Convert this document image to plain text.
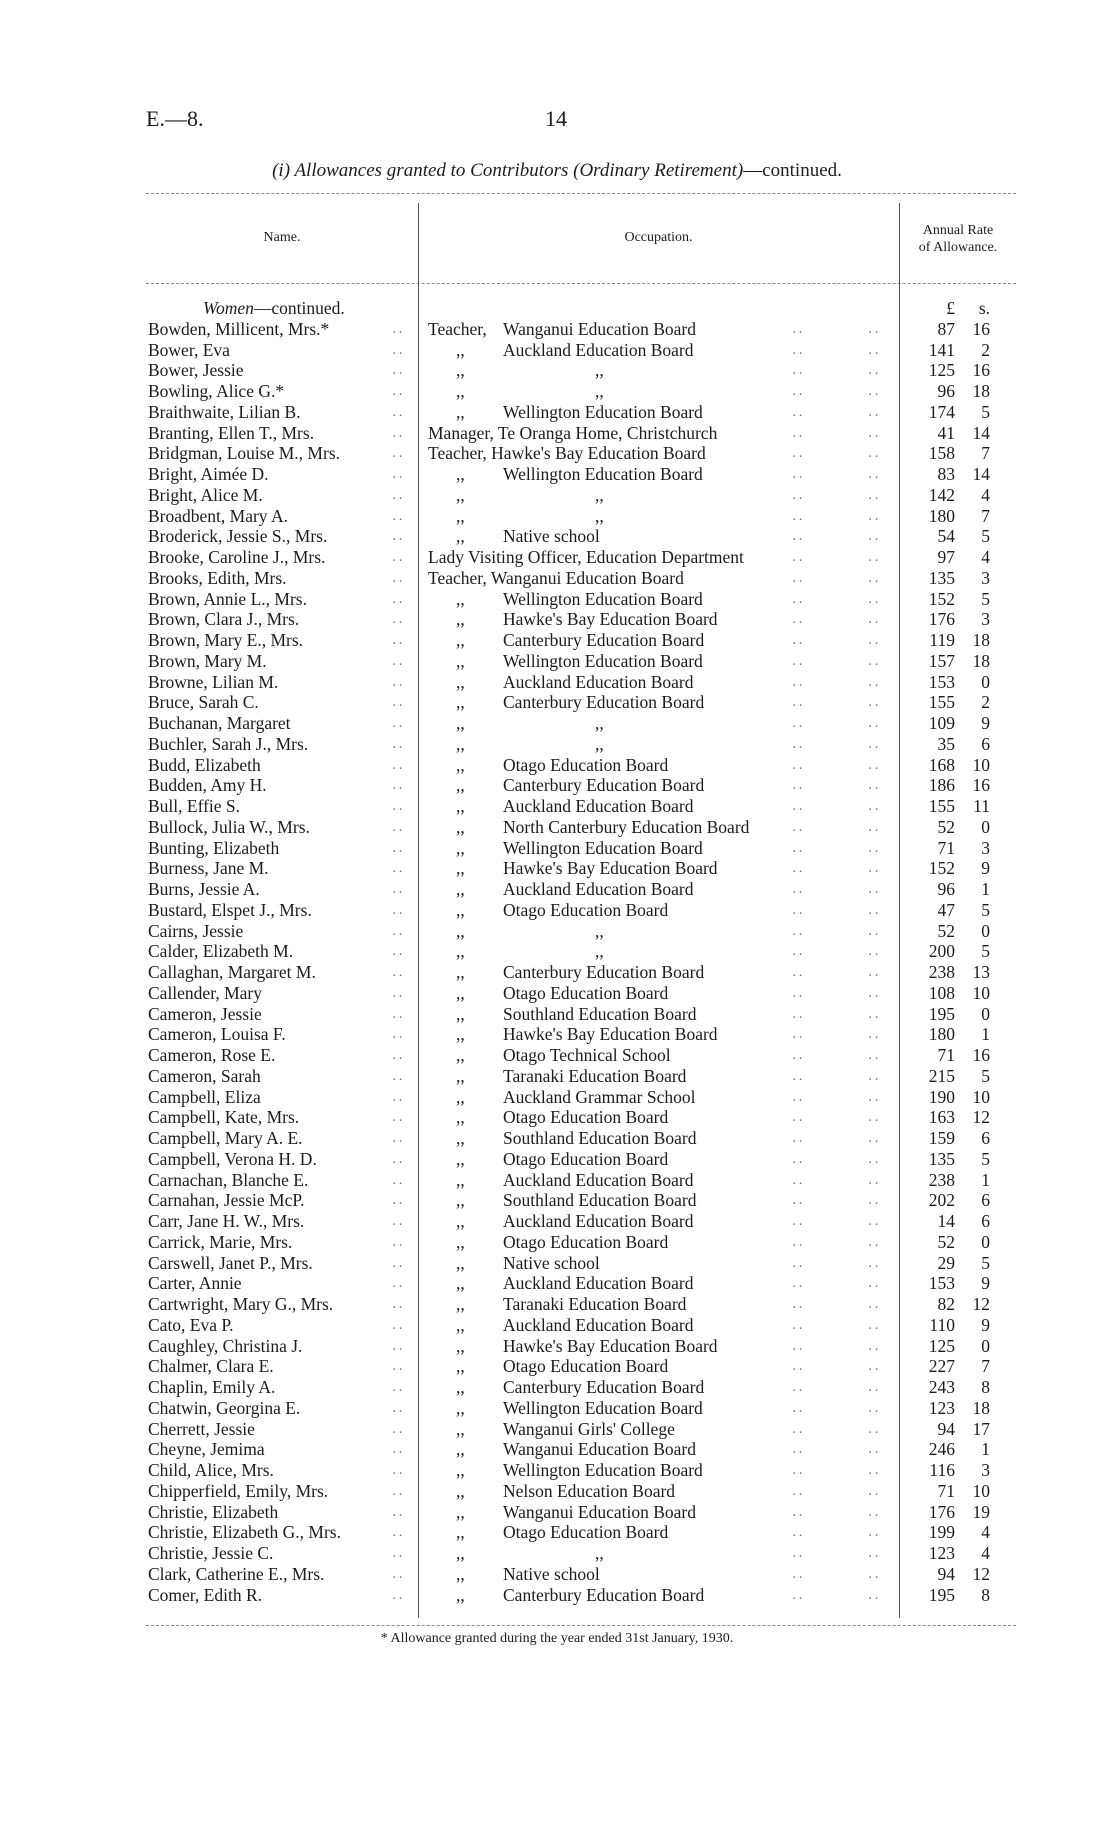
E.—8.	14
(i) Allowances granted to Contributors (Ordinary Retirement)—continued.
Name.	Occupation.	Annual Rate
of Allowance.
Women—continued.	£	s.
Bowden, Millicent, Mrs.*	․․ Teacher, Wanganui Education Board	․․	․․	87	16
Bower, Eva	․․	,, Auckland Education Board	․․	․․	141	2
Bower, Jessie	․․	,,	,,	․․	․․	125	16
Bowling, Alice G.*	․․	,,	,,	․․	․․	96	18
Braithwaite, Lilian B.	․․	,, Wellington Education Board	․․	․․	174	5
Branting, Ellen T., Mrs.	․․ Manager, Te Oranga Home, Christchurch	․․	․․	41	14
Bridgman, Louise M., Mrs.	․․ Teacher, Hawke's Bay Education Board	․․	․․	158	7
Bright, Aimée D.	․․	,, Wellington Education Board	․․	․․	83	14
Bright, Alice M.	․․	,,	,,	․․	․․	142	4
Broadbent, Mary A.	․․	,,	,,	․․	․․	180	7
Broderick, Jessie S., Mrs.	․․	,, Native school	․․	․․	54	5
Brooke, Caroline J., Mrs.	․․ Lady Visiting Officer, Education Department	․․	․․	97	4
Brooks, Edith, Mrs.	․․ Teacher, Wanganui Education Board	․․	․․	135	3
Brown, Annie L., Mrs.	․․	,, Wellington Education Board	․․	․․	152	5
Brown, Clara J., Mrs.	․․	,, Hawke's Bay Education Board	․․	․․	176	3
Brown, Mary E., Mrs.	․․	,, Canterbury Education Board	․․	․․	119	18
Brown, Mary M.	․․	,, Wellington Education Board	․․	․․	157	18
Browne, Lilian M.	․․	,, Auckland Education Board	․․	․․	153	0
Bruce, Sarah C.	․․	,, Canterbury Education Board	․․	․․	155	2
Buchanan, Margaret	․․	,,	,,	․․	․․	109	9
Buchler, Sarah J., Mrs.	․․	,,	,,	․․	․․	35	6
Budd, Elizabeth	․․	,, Otago Education Board	․․	․․	168	10
Budden, Amy H.	․․	,, Canterbury Education Board	․․	․․	186	16
Bull, Effie S.	․․	,, Auckland Education Board	․․	․․	155	11
Bullock, Julia W., Mrs.	․․	,, North Canterbury Education Board	․․	․․	52	0
Bunting, Elizabeth	․․	,, Wellington Education Board	․․	․․	71	3
Burness, Jane M.	․․	,, Hawke's Bay Education Board	․․	․․	152	9
Burns, Jessie A.	․․	,, Auckland Education Board	․․	․․	96	1
Bustard, Elspet J., Mrs.	․․	,, Otago Education Board	․․	․․	47	5
Cairns, Jessie	․․	,,	,,	․․	․․	52	0
Calder, Elizabeth M.	․․	,,	,,	․․	․․	200	5
Callaghan, Margaret M.	․․	,, Canterbury Education Board	․․	․․	238	13
Callender, Mary	․․	,, Otago Education Board	․․	․․	108	10
Cameron, Jessie	․․	,, Southland Education Board	․․	․․	195	0
Cameron, Louisa F.	․․	,, Hawke's Bay Education Board	․․	․․	180	1
Cameron, Rose E.	․․	,, Otago Technical School	․․	․․	71	16
Cameron, Sarah	․․	,, Taranaki Education Board	․․	․․	215	5
Campbell, Eliza	․․	,, Auckland Grammar School	․․	․․	190	10
Campbell, Kate, Mrs.	․․	,, Otago Education Board	․․	․․	163	12
Campbell, Mary A. E.	․․	,, Southland Education Board	․․	․․	159	6
Campbell, Verona H. D.	․․	,, Otago Education Board	․․	․․	135	5
Carnachan, Blanche E.	․․	,, Auckland Education Board	․․	․․	238	1
Carnahan, Jessie McP.	․․	,, Southland Education Board	․․	․․	202	6
Carr, Jane H. W., Mrs.	․․	,, Auckland Education Board	․․	․․	14	6
Carrick, Marie, Mrs.	․․	,, Otago Education Board	․․	․․	52	0
Carswell, Janet P., Mrs.	․․	,, Native school	․․	․․	29	5
Carter, Annie	․․	,, Auckland Education Board	․․	․․	153	9
Cartwright, Mary G., Mrs.	․․	,, Taranaki Education Board	․․	․․	82	12
Cato, Eva P.	․․	,, Auckland Education Board	․․	․․	110	9
Caughley, Christina J.	․․	,, Hawke's Bay Education Board	․․	․․	125	0
Chalmer, Clara E.	․․	,, Otago Education Board	․․	․․	227	7
Chaplin, Emily A.	․․	,, Canterbury Education Board	․․	․․	243	8
Chatwin, Georgina E.	․․	,, Wellington Education Board	․․	․․	123	18
Cherrett, Jessie	․․	,, Wanganui Girls' College	․․	․․	94	17
Cheyne, Jemima	․․	,, Wanganui Education Board	․․	․․	246	1
Child, Alice, Mrs.	․․	,, Wellington Education Board	․․	․․	116	3
Chipperfield, Emily, Mrs.	․․	,, Nelson Education Board	․․	․․	71	10
Christie, Elizabeth	․․	,, Wanganui Education Board	․․	․․	176	19
Christie, Elizabeth G., Mrs.	․․	,, Otago Education Board	․․	․․	199	4
Christie, Jessie C.	․․	,,	,,	․․	․․	123	4
Clark, Catherine E., Mrs.	․․	,, Native school	․․	․․	94	12
Comer, Edith R.	․․	,, Canterbury Education Board	․․	․․	195	8
* Allowance granted during the year ended 31st January, 1930.
